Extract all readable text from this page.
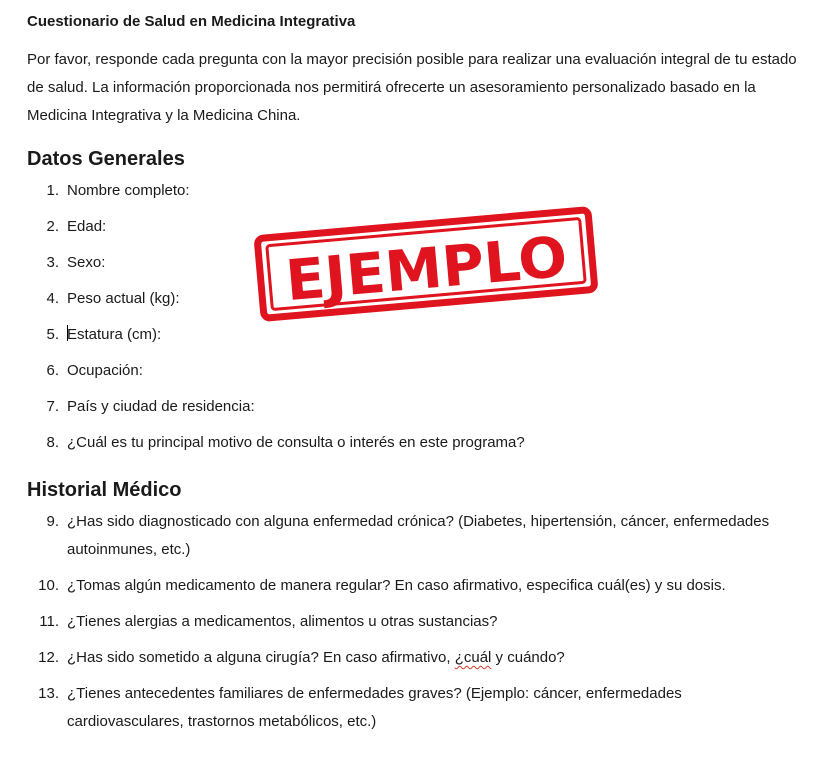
Cuestionario de Salud en Medicina Integrativa

Por favor, responde cada pregunta con la mayor precisión posible para realizar una evaluación integral de tu estado de salud. La información proporcionada nos permitirá ofrecerte un asesoramiento personalizado basado en la Medicina Integrativa y la Medicina China.

Datos Generales
1. Nombre completo:
2. Edad:
3. Sexo:
4. Peso actual (kg):
5. Estatura (cm):
6. Ocupación:
7. País y ciudad de residencia:
8. ¿Cuál es tu principal motivo de consulta o interés en este programa?
Historial Médico
9. ¿Has sido diagnosticado con alguna enfermedad crónica? (Diabetes, hipertensión, cáncer, enfermedades autoinmunes, etc.)
10. ¿Tomas algún medicamento de manera regular? En caso afirmativo, especifica cuál(es) y su dosis.
11. ¿Tienes alergias a medicamentos, alimentos u otras sustancias?
12. ¿Has sido sometido a alguna cirugía? En caso afirmativo, ¿cuál y cuándo?
13. ¿Tienes antecedentes familiares de enfermedades graves? (Ejemplo: cáncer, enfermedades cardiovasculares, trastornos metabólicos, etc.)
EJEMPLO
